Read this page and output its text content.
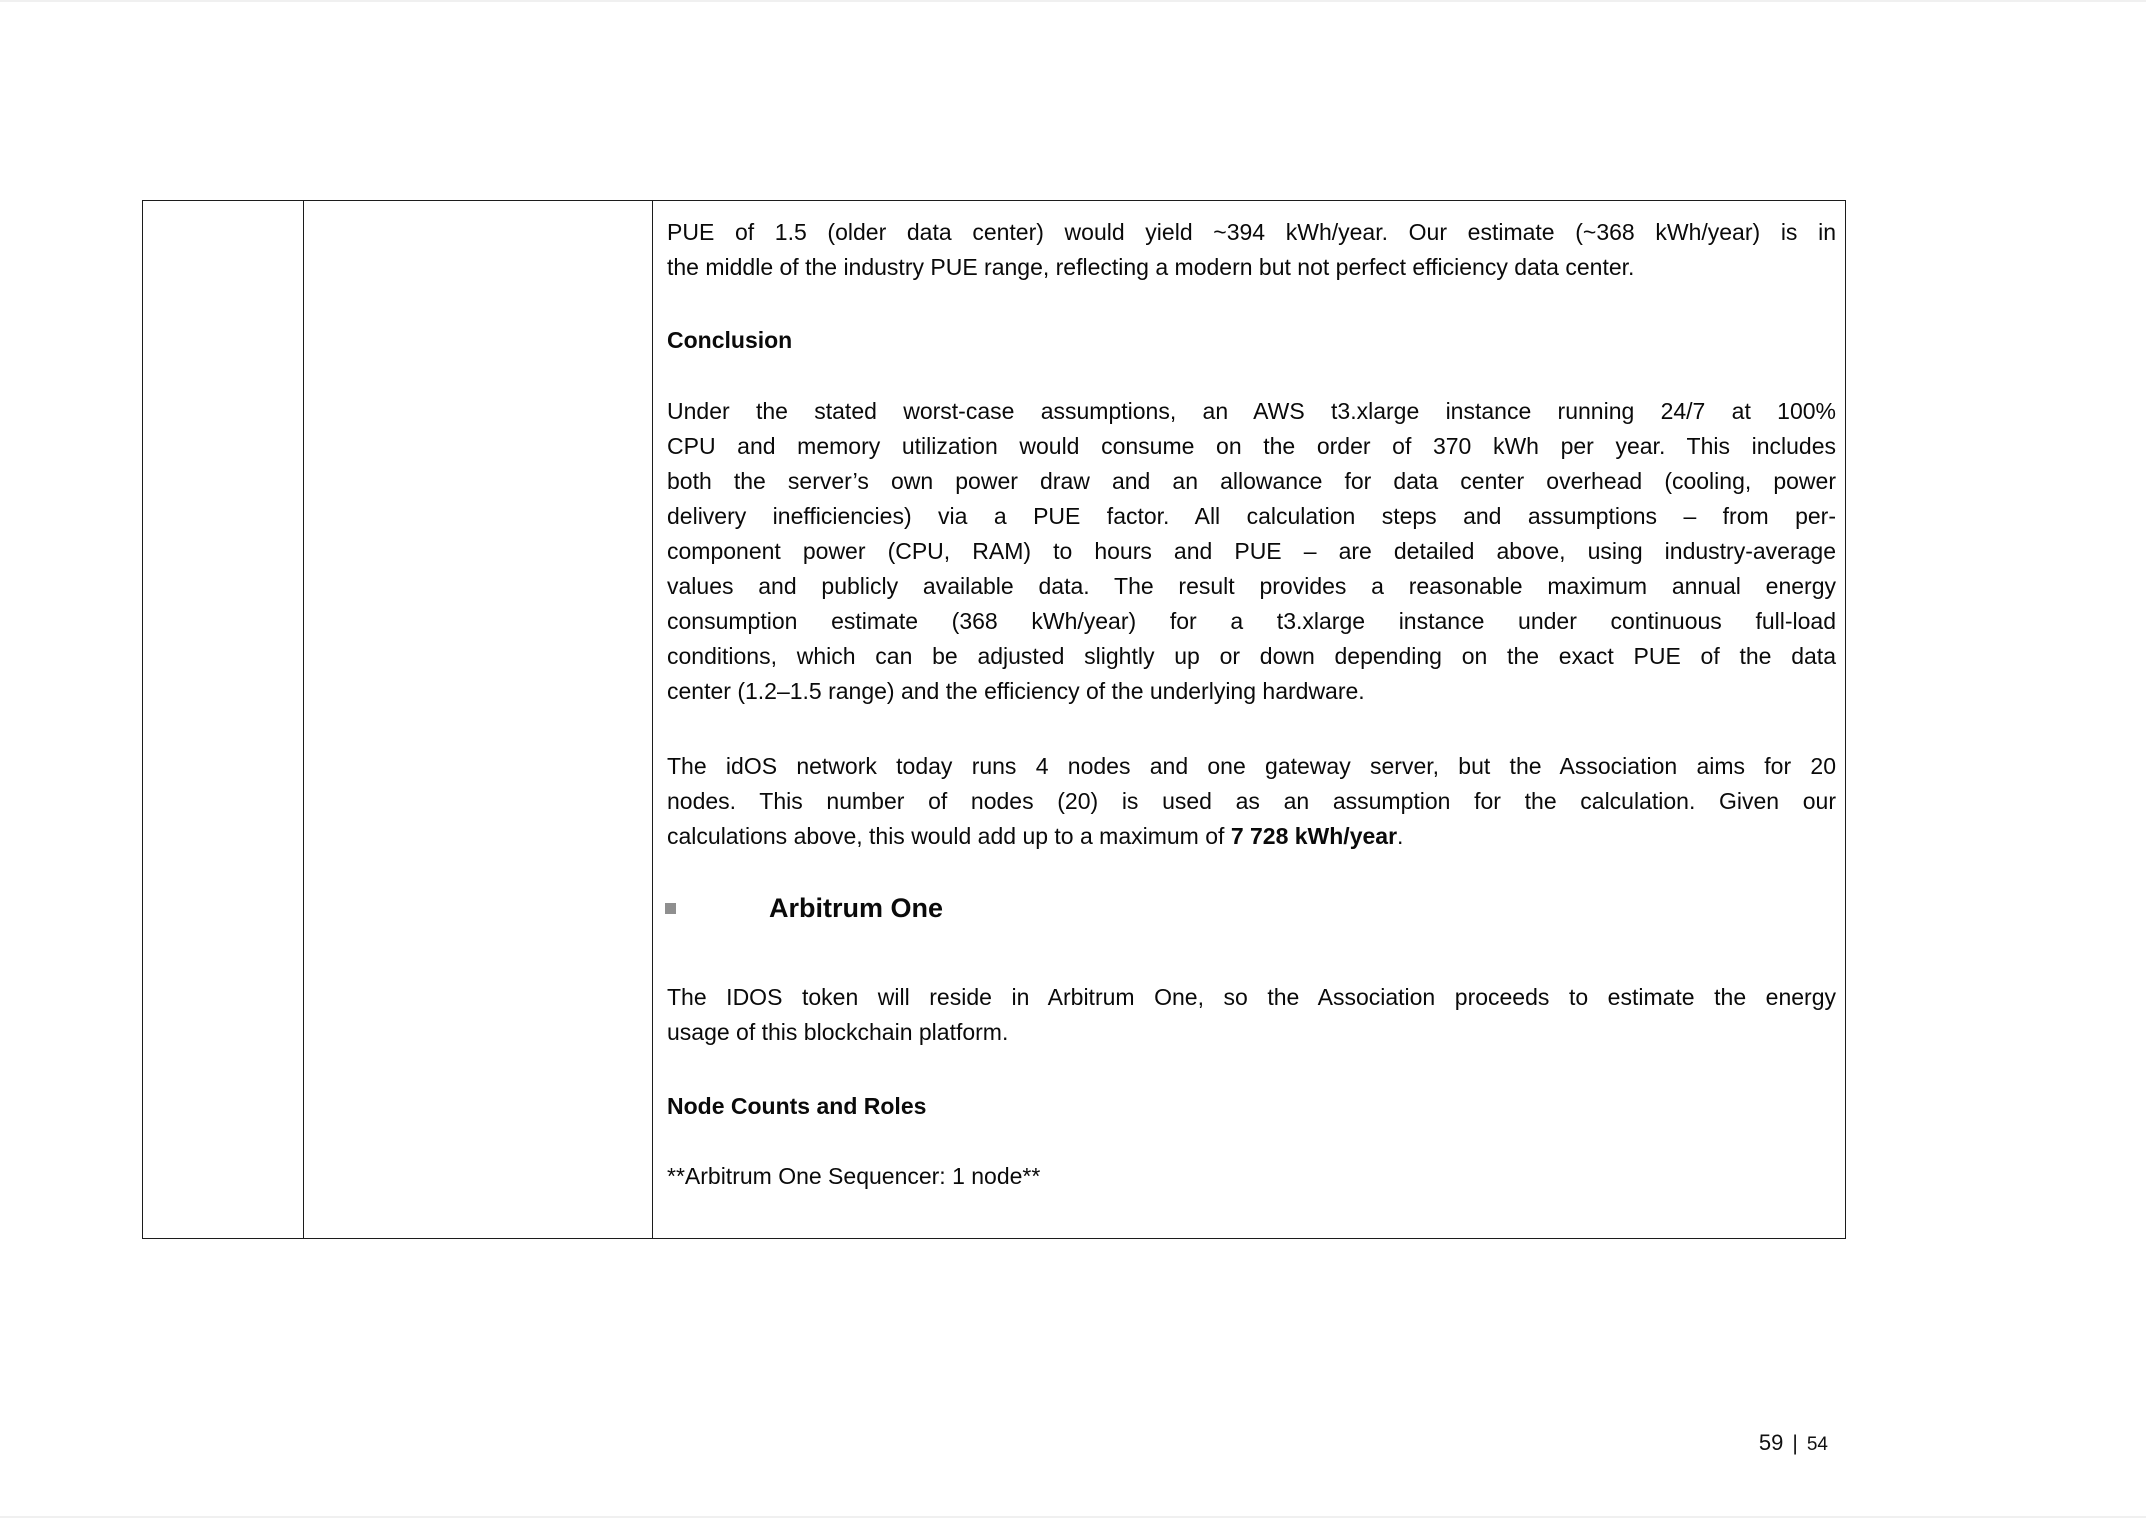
PUE of 1.5 (older data center) would yield ~394 kWh/year. Our estimate (~368 kWh/year) is in
the middle of the industry PUE range, reflecting a modern but not perfect efficiency data center.
Conclusion
Under the stated worst-case assumptions, an AWS t3.xlarge instance running 24/7 at 100%
CPU and memory utilization would consume on the order of 370 kWh per year. This includes
both the server’s own power draw and an allowance for data center overhead (cooling, power
delivery inefficiencies) via a PUE factor. All calculation steps and assumptions – from per-
component power (CPU, RAM) to hours and PUE – are detailed above, using industry-average
values and publicly available data. The result provides a reasonable maximum annual energy
consumption estimate (368 kWh/year) for a t3.xlarge instance under continuous full-load
conditions, which can be adjusted slightly up or down depending on the exact PUE of the data
center (1.2–1.5 range) and the efficiency of the underlying hardware.
The idOS network today runs 4 nodes and one gateway server, but the Association aims for 20
nodes. This number of nodes (20) is used as an assumption for the calculation. Given our
calculations above, this would add up to a maximum of 7 728 kWh/year.
Arbitrum One
The IDOS token will reside in Arbitrum One, so the Association proceeds to estimate the energy
usage of this blockchain platform.
Node Counts and Roles
**Arbitrum One Sequencer: 1 node**
59 | 54
